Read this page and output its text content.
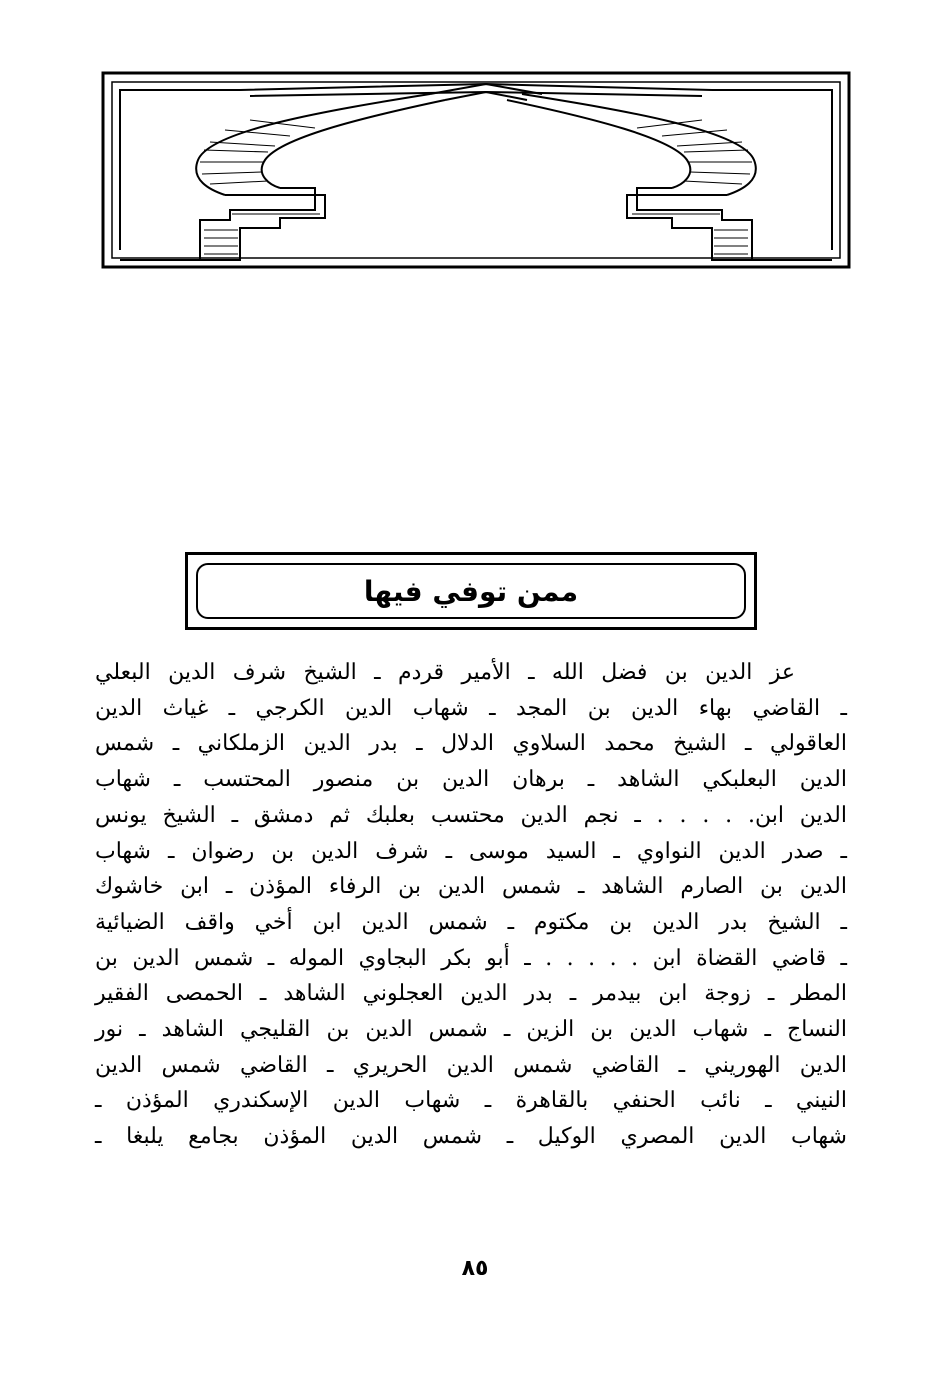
ممن توفي فيها
عز الدين بن فضل الله ـ الأمير قردم ـ الشيخ شرف الدين البعلي
ـ القاضي بهاء الدين بن المجد ـ شهاب الدين الكرجي ـ غياث الدين
العاقولي ـ الشيخ محمد السلاوي الدلال ـ بدر الدين الزملكاني ـ شمس
الدين البعلبكي الشاهد ـ برهان الدين بن منصور المحتسب ـ شهاب
الدين ابن. . . . . ـ نجم الدين محتسب بعلبك ثم دمشق ـ الشيخ يونس
ـ صدر الدين النواوي ـ السيد موسى ـ شرف الدين بن رضوان ـ شهاب
الدين بن الصارم الشاهد ـ شمس الدين بن الرفاء المؤذن ـ ابن خاشوك
ـ الشيخ بدر الدين بن مكتوم ـ شمس الدين ابن أخي واقف الضيائية
ـ قاضي القضاة ابن . . . . . ـ أبو بكر البجاوي الموله ـ شمس الدين بن
المطر ـ زوجة ابن بيدمر ـ بدر الدين العجلوني الشاهد ـ الحمصى الفقير
النساج ـ شهاب الدين بن الزين ـ شمس الدين بن القليجي الشاهد ـ نور
الدين الهوريني ـ القاضي شمس الدين الحريري ـ القاضي شمس الدين
النيني ـ نائب الحنفي بالقاهرة ـ شهاب الدين الإسكندري المؤذن ـ
شهاب الدين المصري الوكيل ـ شمس الدين المؤذن بجامع يلبغا ـ
٨٥
